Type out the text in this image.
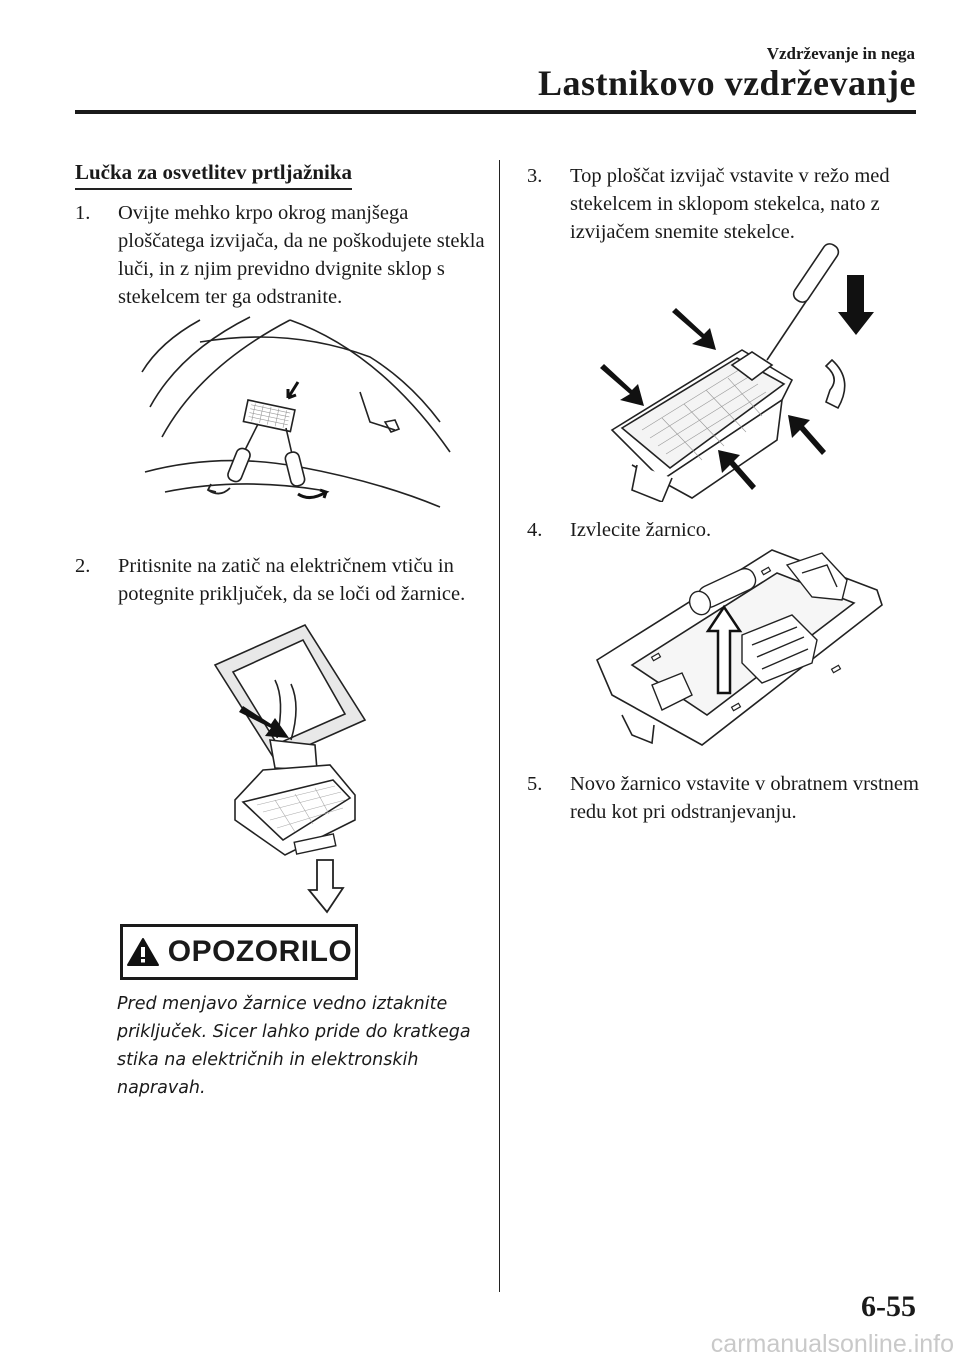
Vzdrževanje in nega
Lastnikovo vzdrževanje
Lučka za osvetlitev prtljažnika
1.	Ovijte mehko krpo okrog manjšega ploščatega izvijača, da ne poškodujete stekla luči, in z njim previdno dvignite sklop s stekelcem ter ga odstranite.
2.	Pritisnite na zatič na električnem vtiču in potegnite priključek, da se loči od žarnice.
OPOZORILO
Pred menjavo žarnice vedno iztaknite priključek. Sicer lahko pride do kratkega stika na električnih in elektronskih napravah.
3.	Top ploščat izvijač vstavite v režo med stekelcem in sklopom stekelca, nato z izvijačem snemite stekelce.
4.	Izvlecite žarnico.
5.	Novo žarnico vstavite v obratnem vrstnem redu kot pri odstranjevanju.
6-55
carmanualsonline.info
